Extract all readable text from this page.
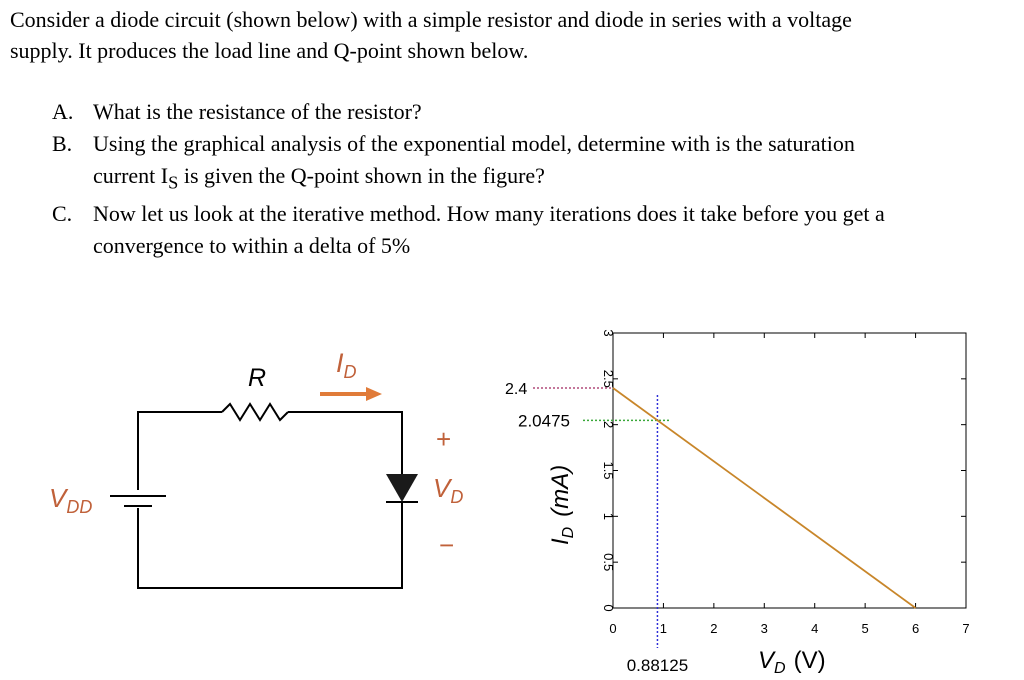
Consider a diode circuit (shown below) with a simple resistor and diode in series with a voltage
supply. It produces the load line and Q-point shown below.
A. What is the resistance of the resistor?
B. Using the graphical analysis of the exponential model, determine with is the saturation
current $I_S$ is given the Q-point shown in the figure?
C. Now let us look at the iterative method. How many iterations does it take before you get a
convergence to within a delta of 5%
R	$I_D$
$V_{DD}$
+
$V_D$
−
0	1	2	3	4	5	6	7
0
0.5
1
1.5
2
2.5
3
2.4
2.0475
0.88125	$V_D$ (V)
$I_D(mA)$
